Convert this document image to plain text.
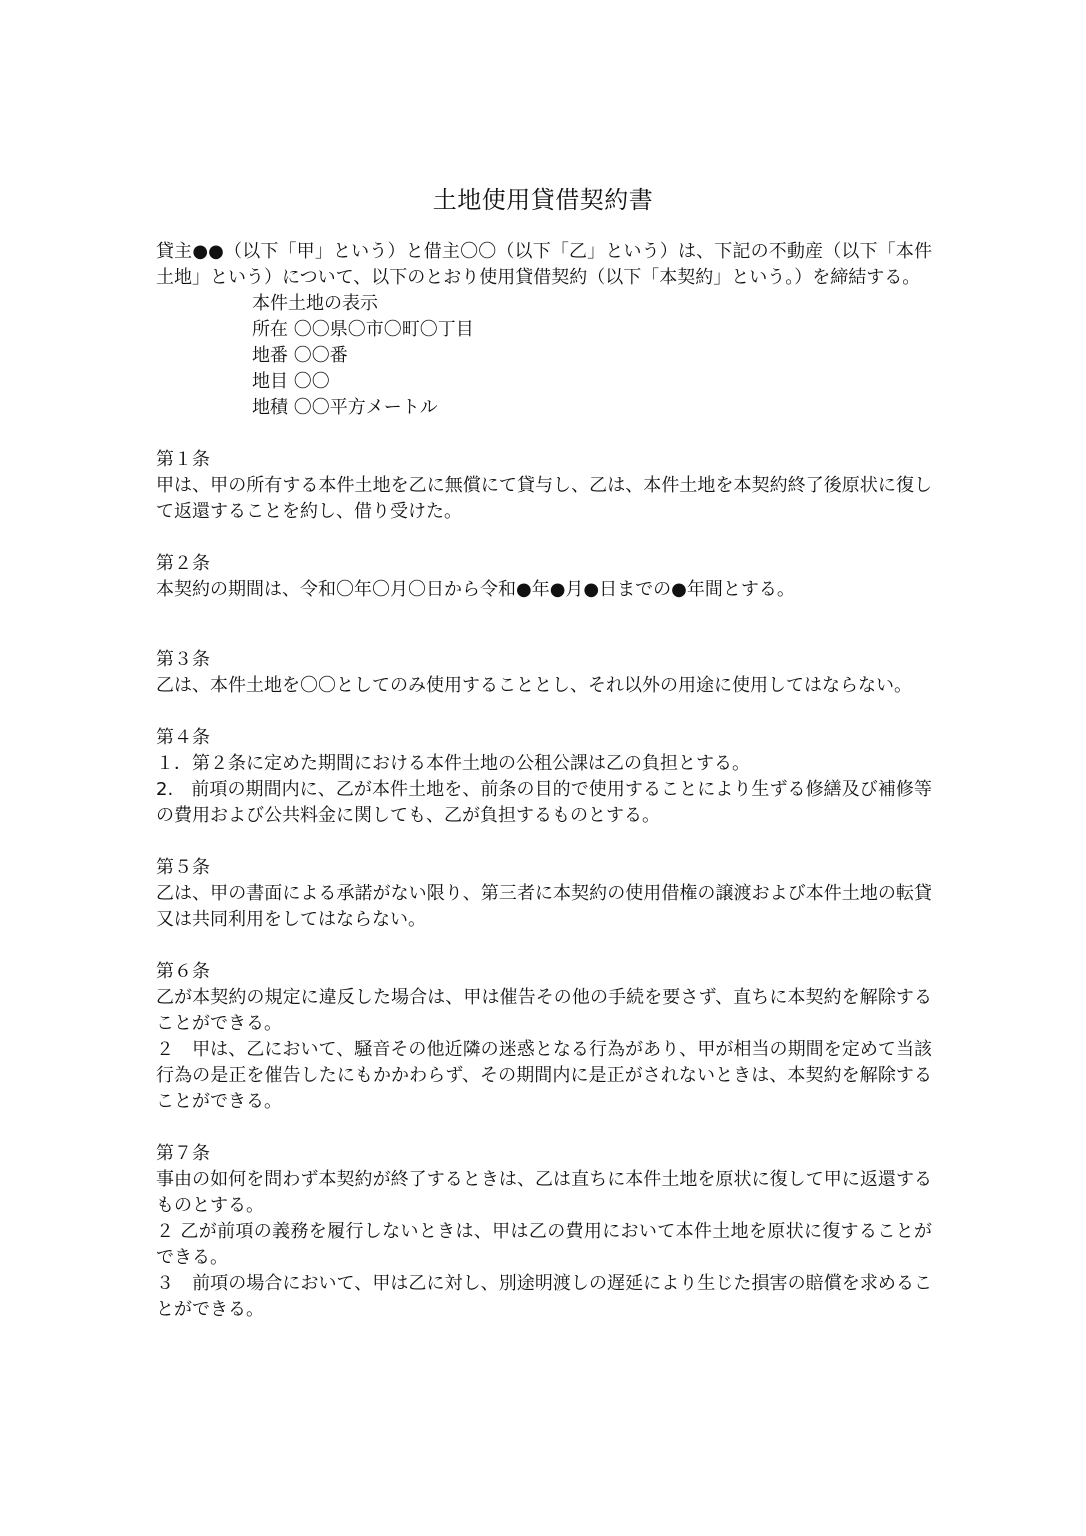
土地使用貸借契約書

貸主●●（以下「甲」という）と借主〇〇（以下「乙」という）は、下記の不動産（以下「本件土地」という）について、以下のとおり使用貸借契約（以下「本契約」という。）を締結する。

本件土地の表示
所在 〇〇県〇市〇町〇丁目
地番 〇〇番
地目 〇〇
地積 〇〇平方メートル

第１条

甲は、甲の所有する本件土地を乙に無償にて貸与し、乙は、本件土地を本契約終了後原状に復して返還することを約し、借り受けた。

第２条

本契約の期間は、令和〇年〇月〇日から令和●年●月●日までの●年間とする。

第３条

乙は、本件土地を〇〇としてのみ使用することとし、それ以外の用途に使用してはならない。

第４条

１．第２条に定めた期間における本件土地の公租公課は乙の負担とする。

2.　前項の期間内に、乙が本件土地を、前条の目的で使用することにより生ずる修繕及び補修等の費用および公共料金に関しても、乙が負担するものとする。

第５条

乙は、甲の書面による承諾がない限り、第三者に本契約の使用借権の譲渡および本件土地の転貸又は共同利用をしてはならない。

第６条

乙が本契約の規定に違反した場合は、甲は催告その他の手続を要さず、直ちに本契約を解除することができる。

２　甲は、乙において、騒音その他近隣の迷惑となる行為があり、甲が相当の期間を定めて当該行為の是正を催告したにもかかわらず、その期間内に是正がされないときは、本契約を解除することができる。

第７条

事由の如何を問わず本契約が終了するときは、乙は直ちに本件土地を原状に復して甲に返還するものとする。

２ 乙が前項の義務を履行しないときは、甲は乙の費用において本件土地を原状に復することができる。

３　前項の場合において、甲は乙に対し、別途明渡しの遅延により生じた損害の賠償を求めることができる。
